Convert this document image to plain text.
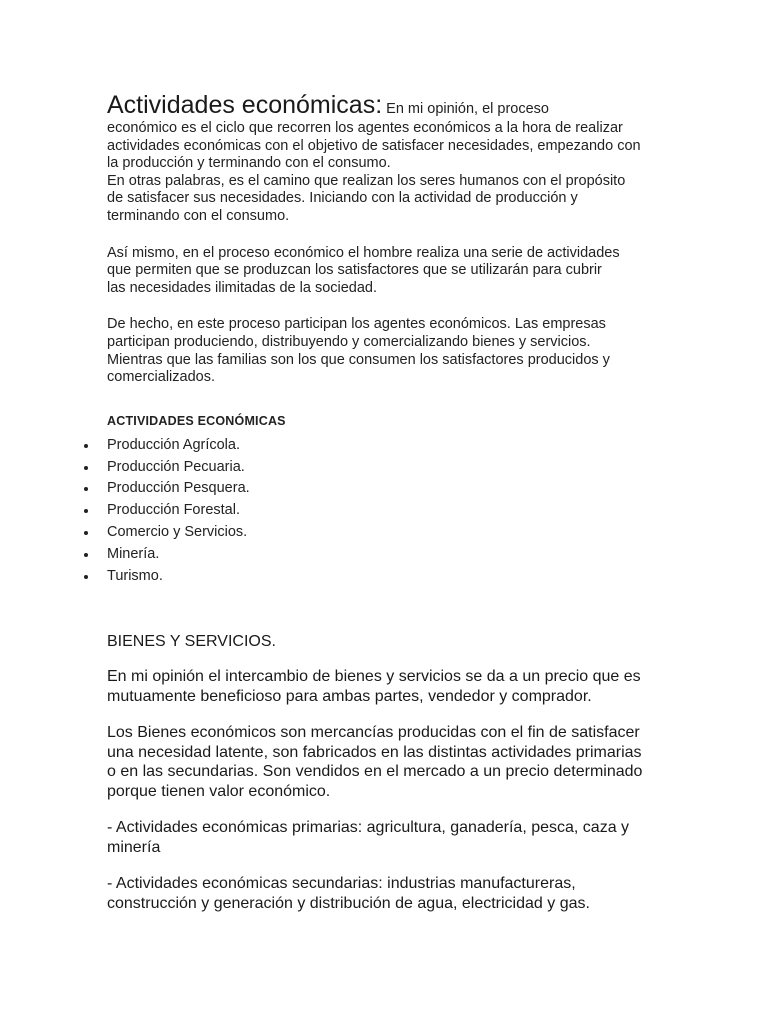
Actividades económicas: En mi opinión, el proceso

económico es el ciclo que recorren los agentes económicos a la hora de realizar

actividades económicas con el objetivo de satisfacer necesidades, empezando con

la producción y terminando con el consumo.

En otras palabras, es el camino que realizan los seres humanos con el propósito

de satisfacer sus necesidades. Iniciando con la actividad de producción y

terminando con el consumo.

Así mismo, en el proceso económico el hombre realiza una serie de actividades

que permiten que se produzcan los satisfactores que se utilizarán para cubrir

las necesidades ilimitadas de la sociedad.

De hecho, en este proceso participan los agentes económicos. Las empresas

participan produciendo, distribuyendo y comercializando bienes y servicios.

Mientras que las familias son los que consumen los satisfactores producidos y

comercializados.

ACTIVIDADES ECONÓMICAS

Producción Agrícola.
Producción Pecuaria.
Producción Pesquera.
Producción Forestal.
Comercio y Servicios.
Minería.
Turismo.

BIENES Y SERVICIOS.

En mi opinión el intercambio de bienes y servicios se da a un precio que es

mutuamente beneficioso para ambas partes, vendedor y comprador.

Los Bienes económicos son mercancías producidas con el fin de satisfacer

una necesidad latente, son fabricados en las distintas actividades primarias

o en las secundarias. Son vendidos en el mercado a un precio determinado

porque tienen valor económico.

- Actividades económicas primarias: agricultura, ganadería, pesca, caza y

minería

- Actividades económicas secundarias: industrias manufactureras,

construcción y generación y distribución de agua, electricidad y gas.
